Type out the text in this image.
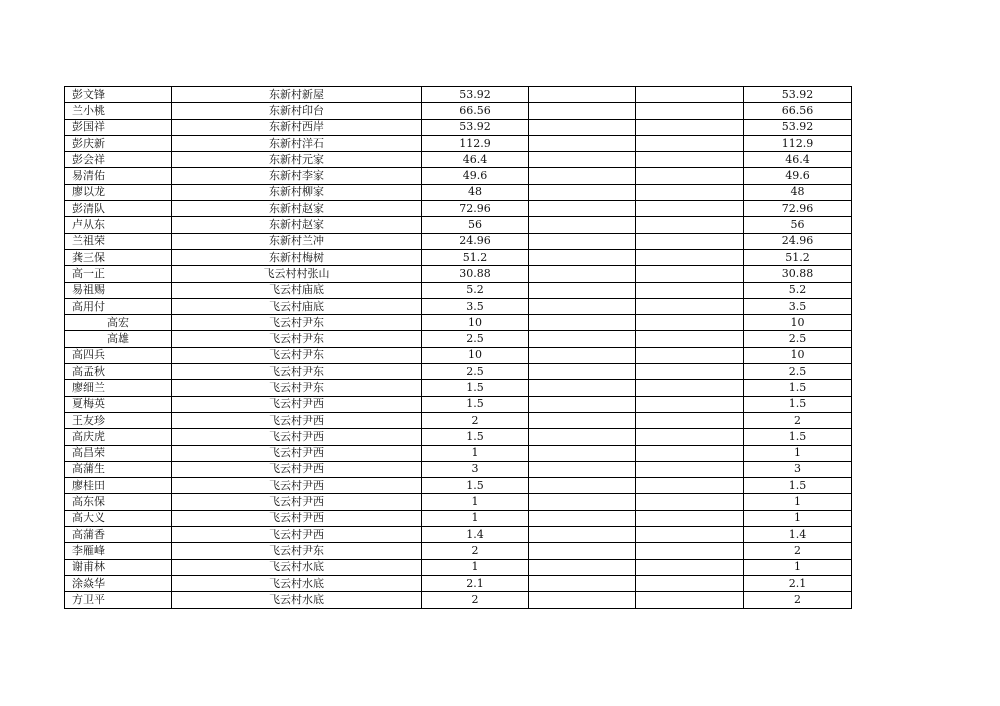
彭文锋	东新村新屋	53.92			53.92
兰小桃	东新村印台	66.56			66.56
彭国祥	东新村西岸	53.92			53.92
彭庆新	东新村洋石	112.9			112.9
彭会祥	东新村元家	46.4			46.4
易清佑	东新村李家	49.6			49.6
廖以龙	东新村柳家	48			48
彭清队	东新村赵家	72.96			72.96
卢从东	东新村赵家	56			56
兰祖荣	东新村兰冲	24.96			24.96
龚三保	东新村梅树	51.2			51.2
高一正	飞云村村张山	30.88			30.88
易祖赐	飞云村庙底	5.2			5.2
高用付	飞云村庙底	3.5			3.5
高宏	飞云村尹东	10			10
高雄	飞云村尹东	2.5			2.5
高四兵	飞云村尹东	10			10
高孟秋	飞云村尹东	2.5			2.5
廖细兰	飞云村尹东	1.5			1.5
夏梅英	飞云村尹西	1.5			1.5
王友珍	飞云村尹西	2			2
高庆虎	飞云村尹西	1.5			1.5
高昌荣	飞云村尹西	1			1
高蒲生	飞云村尹西	3			3
廖桂田	飞云村尹西	1.5			1.5
高东保	飞云村尹西	1			1
高大义	飞云村尹西	1			1
高蒲香	飞云村尹西	1.4			1.4
李雁峰	飞云村尹东	2			2
谢甫林	飞云村水底	1			1
涂焱华	飞云村水底	2.1			2.1
方卫平	飞云村水底	2			2
